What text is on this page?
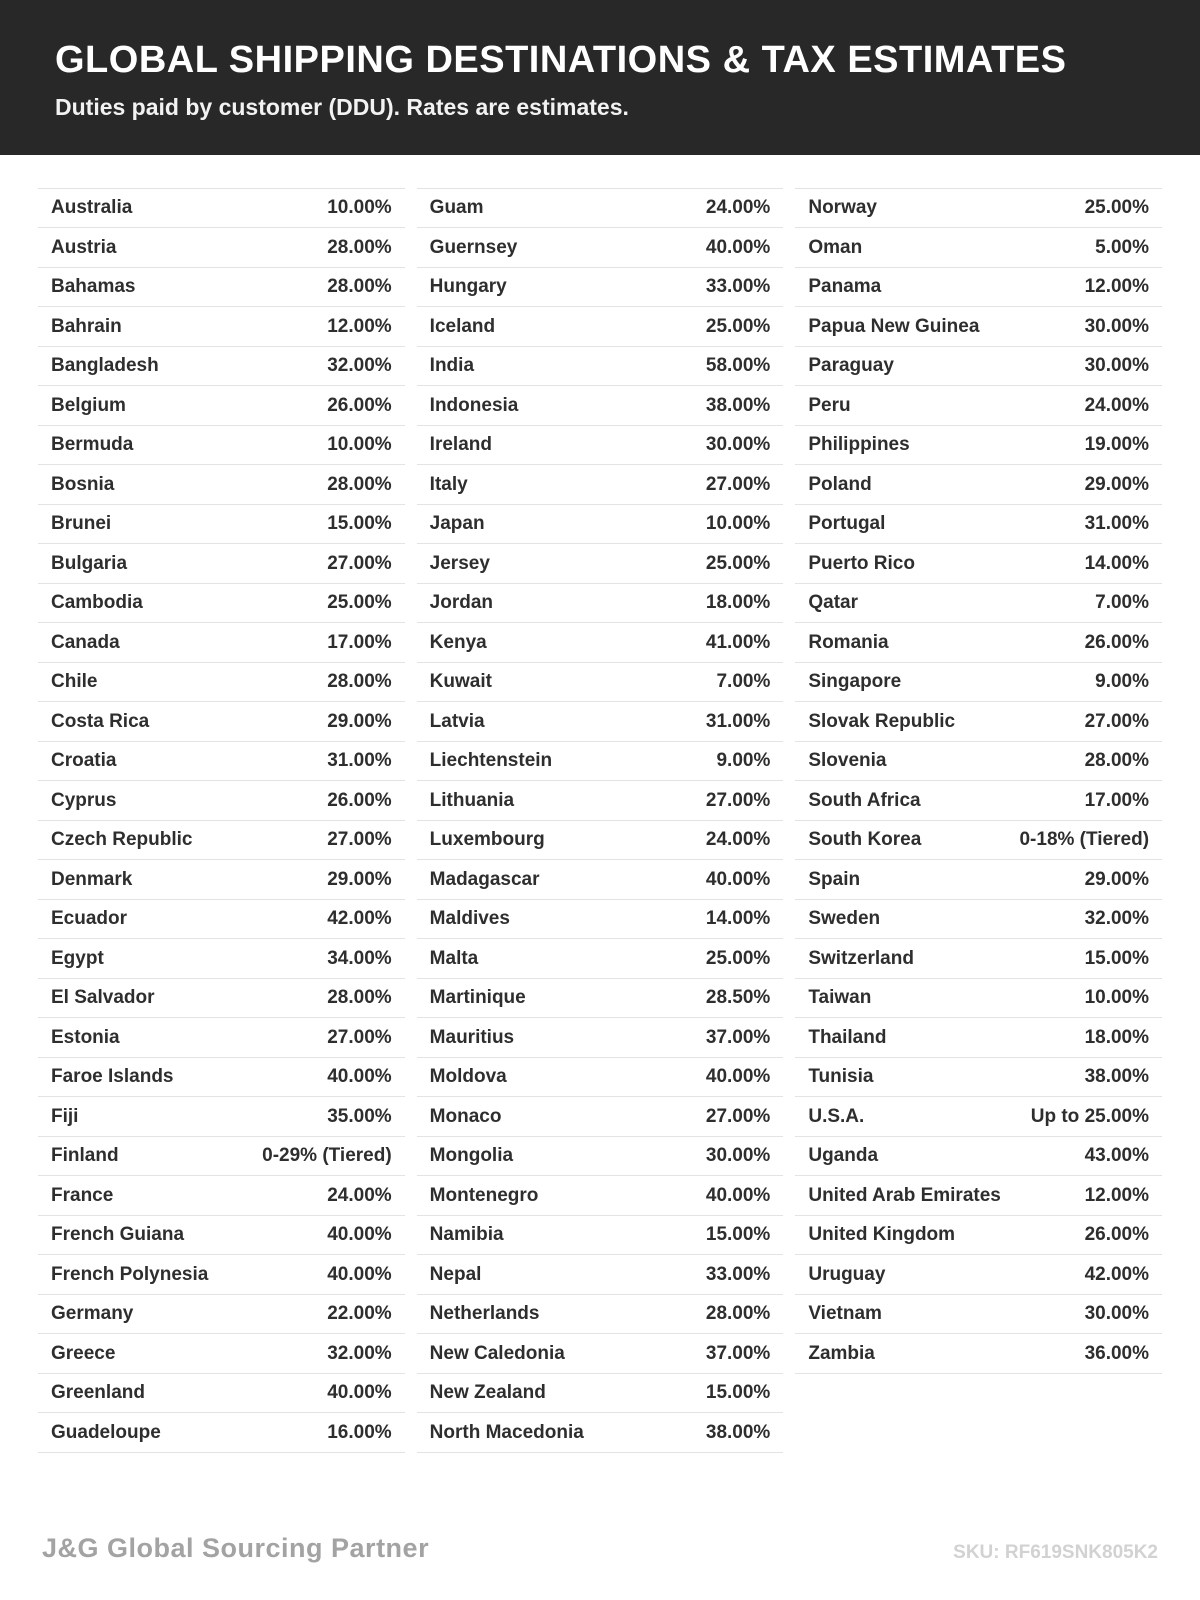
GLOBAL SHIPPING DESTINATIONS & TAX ESTIMATES
Duties paid by customer (DDU). Rates are estimates.
Australia	10.00%
Austria	28.00%
Bahamas	28.00%
Bahrain	12.00%
Bangladesh	32.00%
Belgium	26.00%
Bermuda	10.00%
Bosnia	28.00%
Brunei	15.00%
Bulgaria	27.00%
Cambodia	25.00%
Canada	17.00%
Chile	28.00%
Costa Rica	29.00%
Croatia	31.00%
Cyprus	26.00%
Czech Republic	27.00%
Denmark	29.00%
Ecuador	42.00%
Egypt	34.00%
El Salvador	28.00%
Estonia	27.00%
Faroe Islands	40.00%
Fiji	35.00%
Finland	0-29% (Tiered)
France	24.00%
French Guiana	40.00%
French Polynesia	40.00%
Germany	22.00%
Greece	32.00%
Greenland	40.00%
Guadeloupe	16.00%
Guam	24.00%
Guernsey	40.00%
Hungary	33.00%
Iceland	25.00%
India	58.00%
Indonesia	38.00%
Ireland	30.00%
Italy	27.00%
Japan	10.00%
Jersey	25.00%
Jordan	18.00%
Kenya	41.00%
Kuwait	7.00%
Latvia	31.00%
Liechtenstein	9.00%
Lithuania	27.00%
Luxembourg	24.00%
Madagascar	40.00%
Maldives	14.00%
Malta	25.00%
Martinique	28.50%
Mauritius	37.00%
Moldova	40.00%
Monaco	27.00%
Mongolia	30.00%
Montenegro	40.00%
Namibia	15.00%
Nepal	33.00%
Netherlands	28.00%
New Caledonia	37.00%
New Zealand	15.00%
North Macedonia	38.00%
Norway	25.00%
Oman	5.00%
Panama	12.00%
Papua New Guinea	30.00%
Paraguay	30.00%
Peru	24.00%
Philippines	19.00%
Poland	29.00%
Portugal	31.00%
Puerto Rico	14.00%
Qatar	7.00%
Romania	26.00%
Singapore	9.00%
Slovak Republic	27.00%
Slovenia	28.00%
South Africa	17.00%
South Korea	0-18% (Tiered)
Spain	29.00%
Sweden	32.00%
Switzerland	15.00%
Taiwan	10.00%
Thailand	18.00%
Tunisia	38.00%
U.S.A.	Up to 25.00%
Uganda	43.00%
United Arab Emirates	12.00%
United Kingdom	26.00%
Uruguay	42.00%
Vietnam	30.00%
Zambia	36.00%
J&G Global Sourcing Partner	SKU: RF619SNK805K2
